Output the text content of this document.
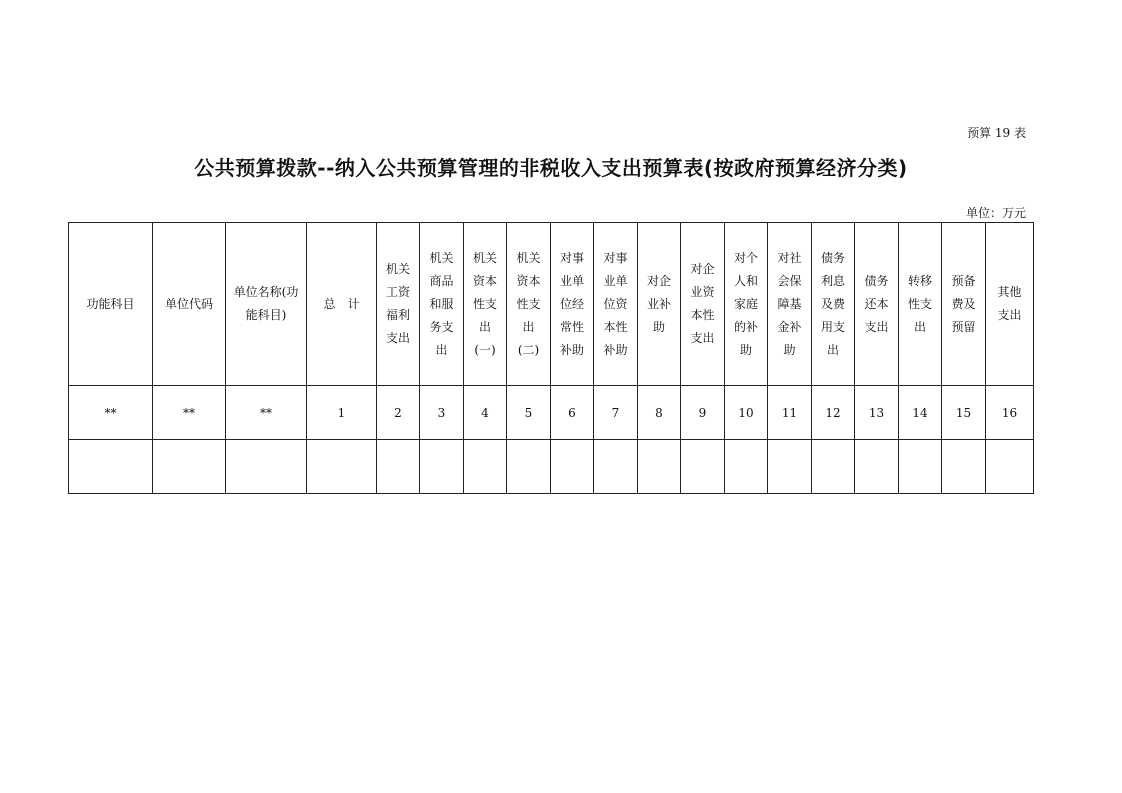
预算 19 表
公共预算拨款--纳入公共预算管理的非税收入支出预算表(按政府预算经济分类)
单位：万元
功能科目	单位代码	单位名称(功
能科目)	总　计	机关
工资
福利
支出	机关
商品
和服
务支
出	机关
资本
性支
出
(一)	机关
资本
性支
出
(二)	对事
业单
位经
常性
补助	对事
业单
位资
本性
补助	对企
业补
助	对企
业资
本性
支出	对个
人和
家庭
的补
助	对社
会保
障基
金补
助	债务
利息
及费
用支
出	债务
还本
支出	转移
性支
出	预备
费及
预留	其他
支出

**	**	**	1	2	3	4	5	6	7	8	9	10	11	12	13	14	15	16
